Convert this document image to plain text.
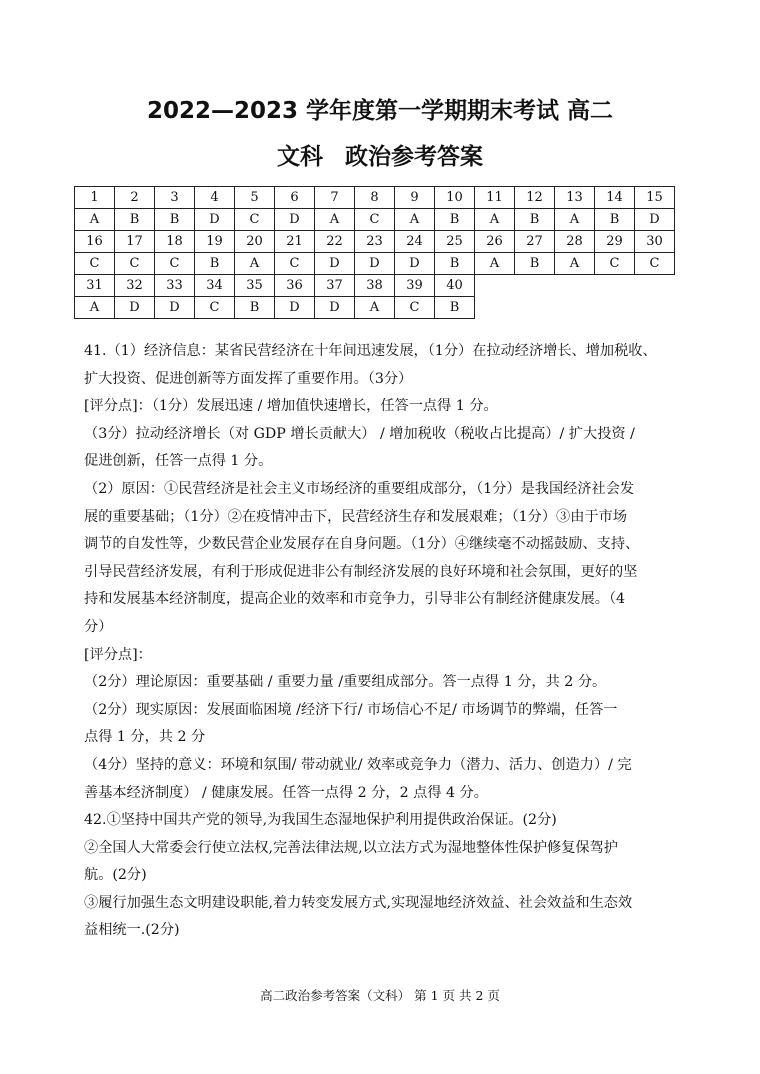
2022—2023 学年度第一学期期末考试 高二
文科 政治参考答案
1	2	3	4	5	6	7	8	9	10	11	12	13	14	15
A	B	B	D	C	D	A	C	A	B	A	B	A	B	D
16	17	18	19	20	21	22	23	24	25	26	27	28	29	30
C	C	C	B	A	C	D	D	D	B	A	B	A	C	C
31	32	33	34	35	36	37	38	39	40					
A	D	D	C	B	D	D	A	C	B					

41.（1）经济信息：某省民营经济在十年间迅速发展，（1分）在拉动经济增长、增加税收、

扩大投资、促进创新等方面发挥了重要作用。（3分）

[评分点]：（1分）发展迅速 / 增加值快速增长，任答一点得 1 分。

（3分）拉动经济增长（对 GDP 增长贡献大） / 增加税收（税收占比提高）/ 扩大投资 /

促进创新，任答一点得 1 分。

（2）原因：①民营经济是社会主义市场经济的重要组成部分，（1分）是我国经济社会发

展的重要基础；（1分）②在疫情冲击下，民营经济生存和发展艰难；（1分）③由于市场

调节的自发性等，少数民营企业发展存在自身问题。（1分）④继续毫不动摇鼓励、支持、

引导民营经济发展，有利于形成促进非公有制经济发展的良好环境和社会氛围，更好的坚

持和发展基本经济制度，提高企业的效率和市竞争力，引导非公有制经济健康发展。（4

分）

[评分点]：

（2分）理论原因：重要基础 / 重要力量 /重要组成部分。答一点得 1 分，共 2 分。

（2分）现实原因：发展面临困境 /经济下行/ 市场信心不足/ 市场调节的弊端，任答一

点得 1 分，共 2 分

（4分）坚持的意义：环境和氛围/ 带动就业/ 效率或竞争力（潜力、活力、创造力）/ 完

善基本经济制度） / 健康发展。任答一点得 2 分，2 点得 4 分。

42.①坚持中国共产党的领导,为我国生态湿地保护利用提供政治保证。(2分)

②全国人大常委会行使立法权,完善法律法规,以立法方式为湿地整体性保护修复保驾护

航。(2分)

③履行加强生态文明建设职能,着力转变发展方式,实现湿地经济效益、社会效益和生态效

益相统一.(2分)

高二政治参考答案（文科） 第 1 页 共 2 页
